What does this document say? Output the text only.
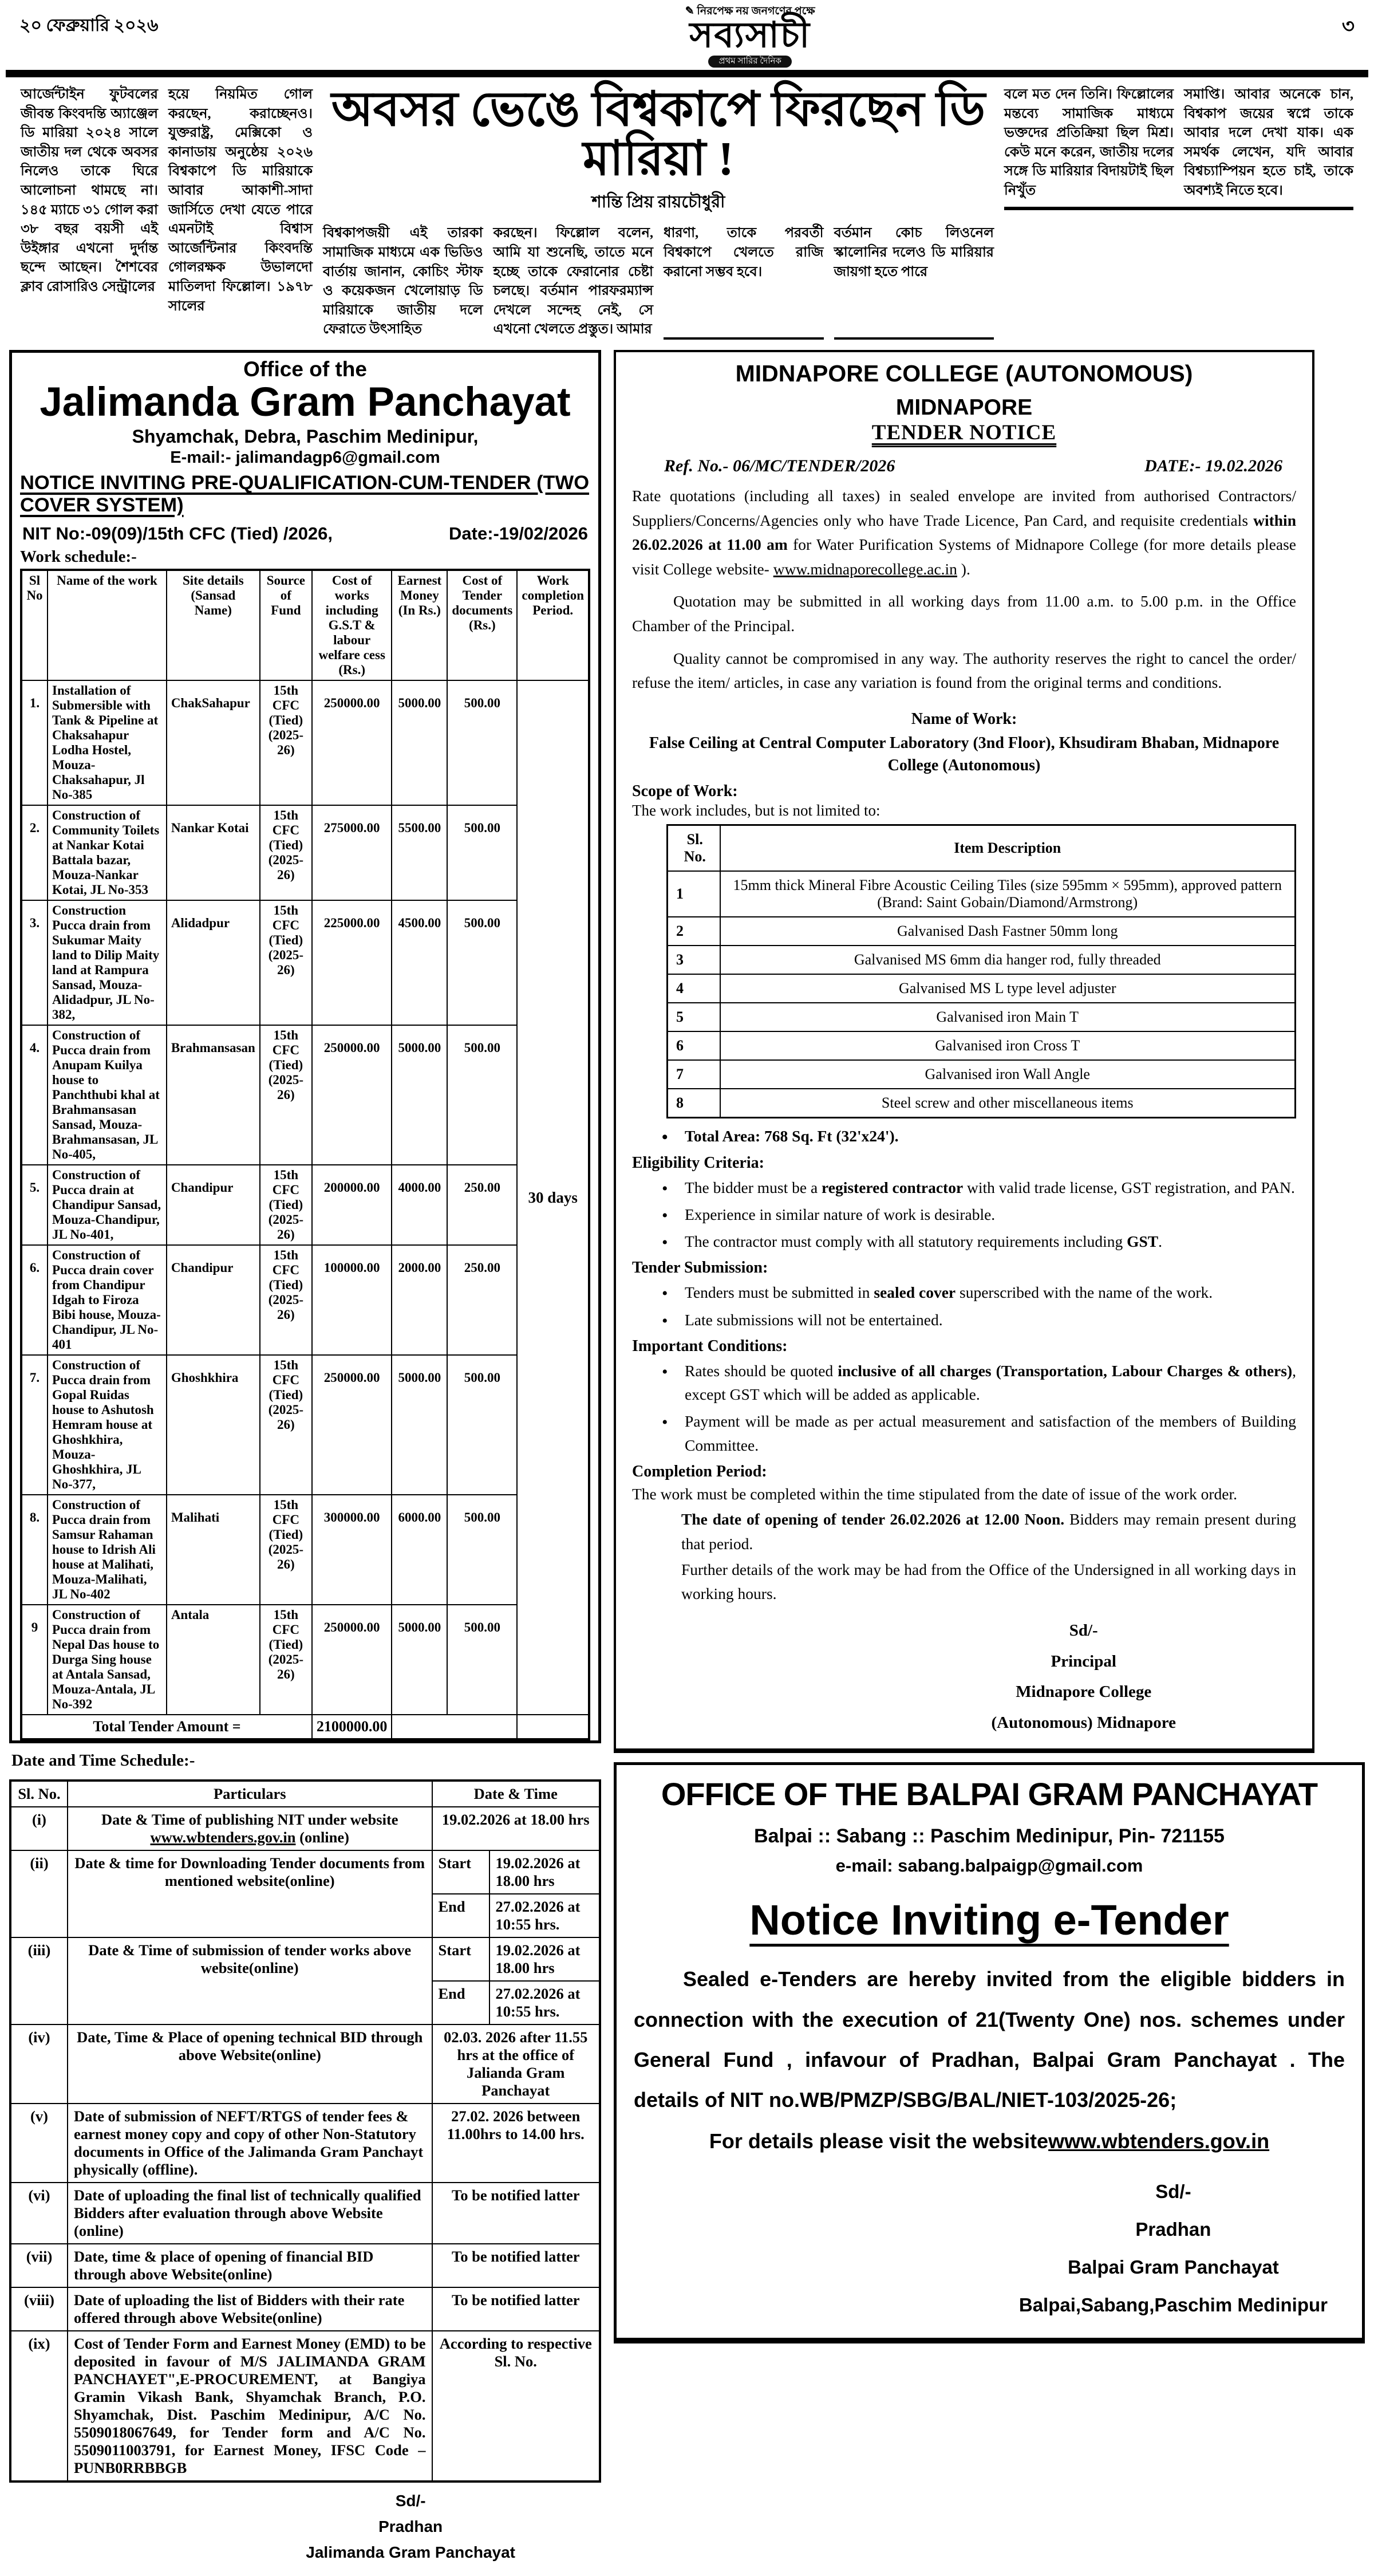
২০ ফেব্রুয়ারি ২০২৬
✎ নিরপেক্ষ নয় জনগণের পক্ষে
সব্যসাচী
প্রথম সারির দৈনিক
৩
আর্জেন্টাইন ফুটবলের জীবন্ত কিংবদন্তি অ্যাঞ্জেল ডি মারিয়া ২০২৪ সালে জাতীয় দল থেকে অবসর নিলেও তাকে ঘিরে আলোচনা থামছে না। ১৪৫ ম্যাচে ৩১ গোল করা ৩৮ বছর বয়সী এই উইঙ্গার এখনো দুর্দান্ত ছন্দে আছেন। শৈশবের ক্লাব রোসারিও সেন্ট্রালের
হয়ে নিয়মিত গোল করছেন, করাচ্ছেনও। যুক্তরাষ্ট্র, মেক্সিকো ও কানাডায় অনুষ্ঠেয় ২০২৬ বিশ্বকাপে ডি মারিয়াকে আবার আকাশী-সাদা জার্সিতে দেখা যেতে পারে এমনটাই বিশ্বাস আর্জেন্টিনার কিংবদন্তি গোলরক্ষক উভালদো মাতিলদা ফিল্লোল। ১৯৭৮ সালের
অবসর ভেঙে বিশ্বকাপে ফিরছেন ডি মারিয়া !
শান্তি প্রিয় রায়চৌধুরী
বিশ্বকাপজয়ী এই তারকা সামাজিক মাধ্যমে এক ভিডিও বার্তায় জানান, কোচিং স্টাফ ও কয়েকজন খেলোয়াড় ডি মারিয়াকে জাতীয় দলে ফেরাতে উৎসাহিত
করছেন। ফিল্লোল বলেন, আমি যা শুনেছি, তাতে মনে হচ্ছে তাকে ফেরানোর চেষ্টা চলছে। বর্তমান পারফরম্যান্স দেখলে সন্দেহ নেই, সে এখনো খেলতে প্রস্তুত। আমার
ধারণা, তাকে পরবর্তী বিশ্বকাপে খেলতে রাজি করানো সম্ভব হবে।
বর্তমান কোচ লিওনেল স্কালোনির দলেও ডি মারিয়ার জায়গা হতে পারে
বলে মত দেন তিনি। ফিল্লোলের মন্তব্যে সামাজিক মাধ্যমে ভক্তদের প্রতিক্রিয়া ছিল মিশ্র। কেউ মনে করেন, জাতীয় দলের সঙ্গে ডি মারিয়ার বিদায়টাই ছিল নিখুঁত
সমাপ্তি। আবার অনেকে চান, বিশ্বকাপ জয়ের স্বপ্নে তাকে আবার দলে দেখা যাক। এক সমর্থক লেখেন, যদি আবার বিশ্বচ্যাম্পিয়ন হতে চাই, তাকে অবশ্যই নিতে হবে।
Office of the
Jalimanda Gram Panchayat
Shyamchak, Debra, Paschim Medinipur,
E-mail:- jalimandagp6@gmail.com
NOTICE INVITING PRE-QUALIFICATION-CUM-TENDER (TWO COVER SYSTEM)
NIT No:-09(09)/15th CFC (Tied) /2026,	Date:-19/02/2026
Work schedule:-
Sl No	Name of the work	Site details (Sansad Name)	Source of Fund	Cost of works including G.S.T & labour welfare cess (Rs.)	Earnest Money (In Rs.)	Cost of Tender documents (Rs.)	Work completion Period.
1.	Installation of Submersible with Tank & Pipeline at Chaksahapur Lodha Hostel, Mouza-Chaksahapur, Jl No-385	ChakSahapur	15th CFC (Tied) (2025-26)	250000.00	5000.00	500.00	30 days
2.	Construction of Community Toilets at Nankar Kotai Battala bazar, Mouza-Nankar Kotai, JL No-353	Nankar Kotai	15th CFC (Tied) (2025-26)	275000.00	5500.00	500.00	
3.	Construction Pucca drain from Sukumar Maity land to Dilip Maity land at Rampura Sansad, Mouza-Alidadpur, JL No-382,	Alidadpur	15th CFC (Tied) (2025-26)	225000.00	4500.00	500.00	
4.	Construction of Pucca drain from Anupam Kuilya house to Panchthubi khal at Brahmansasan Sansad, Mouza-Brahmansasan, JL No-405,	Brahmansasan	15th CFC (Tied) (2025-26)	250000.00	5000.00	500.00	
5.	Construction of Pucca drain at Chandipur Sansad, Mouza-Chandipur, JL No-401,	Chandipur	15th CFC (Tied) (2025-26)	200000.00	4000.00	250.00	
6.	Construction of Pucca drain cover from Chandipur Idgah to Firoza Bibi house, Mouza-Chandipur, JL No-401	Chandipur	15th CFC (Tied) (2025-26)	100000.00	2000.00	250.00	
7.	Construction of Pucca drain from Gopal Ruidas house to Ashutosh Hemram house at Ghoshkhira, Mouza-Ghoshkhira, JL No-377,	Ghoshkhira	15th CFC (Tied) (2025-26)	250000.00	5000.00	500.00	
8.	Construction of Pucca drain from Samsur Rahaman house to Idrish Ali house at Malihati, Mouza-Malihati, JL No-402	Malihati	15th CFC (Tied) (2025-26)	300000.00	6000.00	500.00	
9	Construction of Pucca drain from Nepal Das house to Durga Sing house at Antala Sansad, Mouza-Antala, JL No-392	Antala	15th CFC (Tied) (2025-26)	250000.00	5000.00	500.00	
Total Tender Amount =				2100000.00			
Date and Time Schedule:-
Sl. No.	Particulars	Date & Time	
(i)	Date & Time of publishing NIT under website www.wbtenders.gov.in (online)	19.02.2026 at 18.00 hrs	
(ii)	Date & time for Downloading Tender documents from mentioned website(online)	Start	19.02.2026 at 18.00 hrs
		End	27.02.2026 at 10:55 hrs.
(iii)	Date & Time of submission of tender works above website(online)	Start	19.02.2026 at 18.00 hrs
		End	27.02.2026 at 10:55 hrs.
(iv)	Date, Time & Place of opening technical BID through above Website(online)	02.03. 2026 after 11.55 hrs at the office of Jalianda Gram Panchayat	
(v)	Date of submission of NEFT/RTGS of tender fees & earnest money copy and copy of other Non-Statutory documents in Office of the Jalimanda Gram Panchayt physically (offline).	27.02. 2026 between 11.00hrs to 14.00 hrs.	
(vi)	Date of uploading the final list of technically qualified Bidders after evaluation through above Website (online)	To be notified latter	
(vii)	Date, time & place of opening of financial BID through above Website(online)	To be notified latter	
(viii)	Date of uploading the list of Bidders with their rate offered through above Website(online)	To be notified latter	
(ix)	Cost of Tender Form and Earnest Money (EMD) to be deposited in favour of M/S JALIMANDA GRAM PANCHAYET",E-PROCUREMENT, at Bangiya Gramin Vikash Bank, Shyamchak Branch, P.O. Shyamchak, Dist. Paschim Medinipur, A/C No. 5509018067649, for Tender form and A/C No. 5509011003791, for Earnest Money, IFSC Code – PUNB0RRBBGB	According to respective Sl. No.	
Sd/-
Pradhan
Jalimanda Gram Panchayat
MIDNAPORE COLLEGE (AUTONOMOUS)
MIDNAPORE
TENDER NOTICE
Ref. No.- 06/MC/TENDER/2026	DATE:- 19.02.2026
Rate quotations (including all taxes) in sealed envelope are invited from authorised Contractors/ Suppliers/Concerns/Agencies only who have Trade Licence, Pan Card, and requisite credentials within 26.02.2026 at 11.00 am for Water Purification Systems of Midnapore College (for more details please visit College website- www.midnaporecollege.ac.in ).
Quotation may be submitted in all working days from 11.00 a.m. to 5.00 p.m. in the Office Chamber of the Principal.
Quality cannot be compromised in any way. The authority reserves the right to cancel the order/ refuse the item/ articles, in case any variation is found from the original terms and conditions.
Name of Work:
False Ceiling at Central Computer Laboratory (3nd Floor), Khsudiram Bhaban, Midnapore College (Autonomous)
Scope of Work:
The work includes, but is not limited to:
Sl. No.	Item Description
1	15mm thick Mineral Fibre Acoustic Ceiling Tiles (size 595mm × 595mm), approved pattern (Brand: Saint Gobain/Diamond/Armstrong)
2	Galvanised Dash Fastner 50mm long
3	Galvanised MS 6mm dia hanger rod, fully threaded
4	Galvanised MS L type level adjuster
5	Galvanised iron Main T
6	Galvanised iron Cross T
7	Galvanised iron Wall Angle
8	Steel screw and other miscellaneous items
• Total Area: 768 Sq. Ft (32'x24').
Eligibility Criteria:
• The bidder must be a registered contractor with valid trade license, GST registration, and PAN.
• Experience in similar nature of work is desirable.
• The contractor must comply with all statutory requirements including GST.
Tender Submission:
• Tenders must be submitted in sealed cover superscribed with the name of the work.
• Late submissions will not be entertained.
Important Conditions:
• Rates should be quoted inclusive of all charges (Transportation, Labour Charges & others), except GST which will be added as applicable.
• Payment will be made as per actual measurement and satisfaction of the members of Building Committee.
Completion Period:
The work must be completed within the time stipulated from the date of issue of the work order.
The date of opening of tender 26.02.2026 at 12.00 Noon. Bidders may remain present during that period.
Further details of the work may be had from the Office of the Undersigned in all working days in working hours.
Sd/-
Principal
Midnapore College
(Autonomous) Midnapore
OFFICE OF THE BALPAI GRAM PANCHAYAT
Balpai :: Sabang :: Paschim Medinipur, Pin- 721155
e-mail: sabang.balpaigp@gmail.com
Notice Inviting e-Tender
Sealed e-Tenders are hereby invited from the eligible bidders in connection with the execution of 21(Twenty One) nos. schemes under General Fund , infavour of Pradhan, Balpai Gram Panchayat . The details of NIT no.WB/PMZP/SBG/BAL/NIET-103/2025-26;
For details please visit the websitewww.wbtenders.gov.in
Sd/-
Pradhan
Balpai Gram Panchayat
Balpai,Sabang,Paschim Medinipur
